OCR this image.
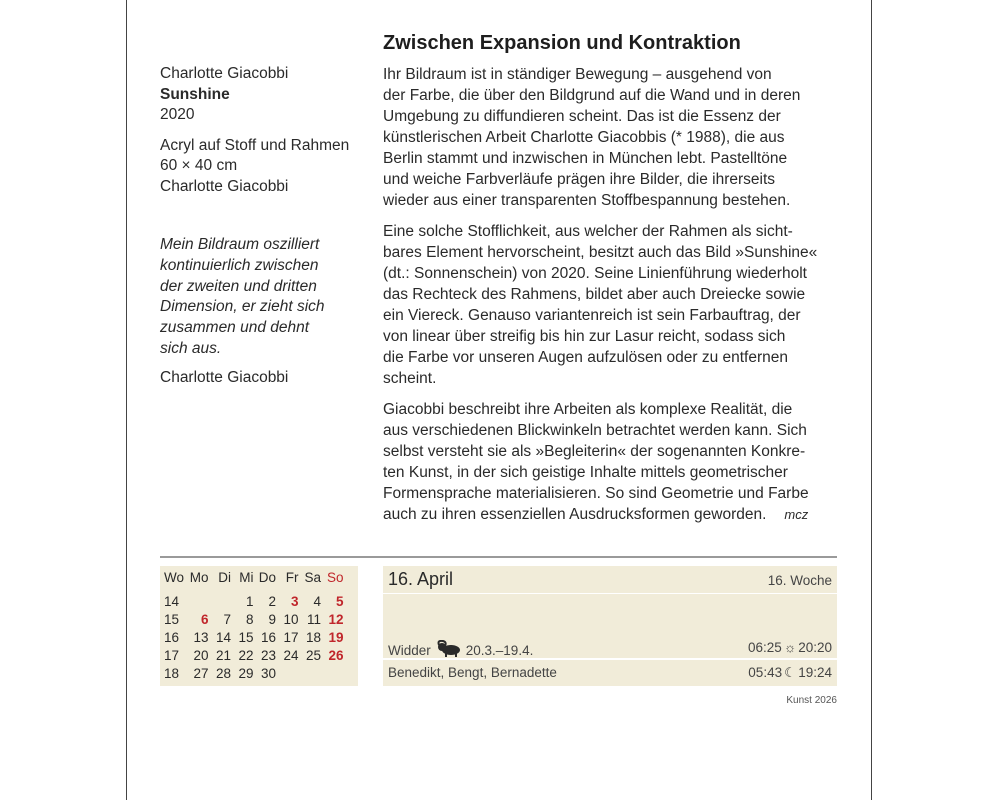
Charlotte Giacobbi

Sunshine

2020

Acryl auf Stoff und Rahmen

60 × 40 cm

Charlotte Giacobbi

Mein Bildraum oszilliert
kontinuierlich zwischen
der zweiten und dritten
Dimension, er zieht sich
zusammen und dehnt
sich aus.
Charlotte Giacobbi
Zwischen Expansion und Kontraktion

Ihr Bildraum ist in ständiger Bewegung – ausgehend von
der Farbe, die über den Bildgrund auf die Wand und in deren
Umgebung zu diffundieren scheint. Das ist die Essenz der
künstlerischen Arbeit Charlotte Giacobbis (* 1988), die aus
Berlin stammt und inzwischen in München lebt. Pastelltöne
und weiche Farbverläufe prägen ihre Bilder, die ihrerseits
wieder aus einer transparenten Stoffbespannung bestehen.

Eine solche Stofflichkeit, aus welcher der Rahmen als sicht-
bares Element hervorscheint, besitzt auch das Bild »Sunshine«
(dt.: Sonnenschein) von 2020. Seine Linienführung wiederholt
das Rechteck des Rahmens, bildet aber auch Dreiecke sowie
ein Viereck. Genauso variantenreich ist sein Farbauftrag, der
von linear über streifig bis hin zur Lasur reicht, sodass sich
die Farbe vor unseren Augen aufzulösen oder zu entfernen
scheint.

Giacobbi beschreibt ihre Arbeiten als komplexe Realität, die
aus verschiedenen Blickwinkeln betrachtet werden kann. Sich
selbst versteht sie als »Begleiterin« der sogenannten Konkre-
ten Kunst, in der sich geistige Inhalte mittels geometrischer
Formensprache materialisieren. So sind Geometrie und Farbe
auch zu ihren essenziellen Ausdrucksformen geworden. mcz

Wo	Mo	Di	Mi	Do	Fr	Sa	So
14			1	2	3	4	5
15	6	7	8	9	10	11	12
16	13	14	15	16	17	18	19
17	20	21	22	23	24	25	26
18	27	28	29	30			
16. April	16. Woche
Widder	20.3.–19.4.
Benedikt, Bengt, Bernadette
06:25 ☼ 20:20
05:43 ☾ 19:24
Kunst 2026
